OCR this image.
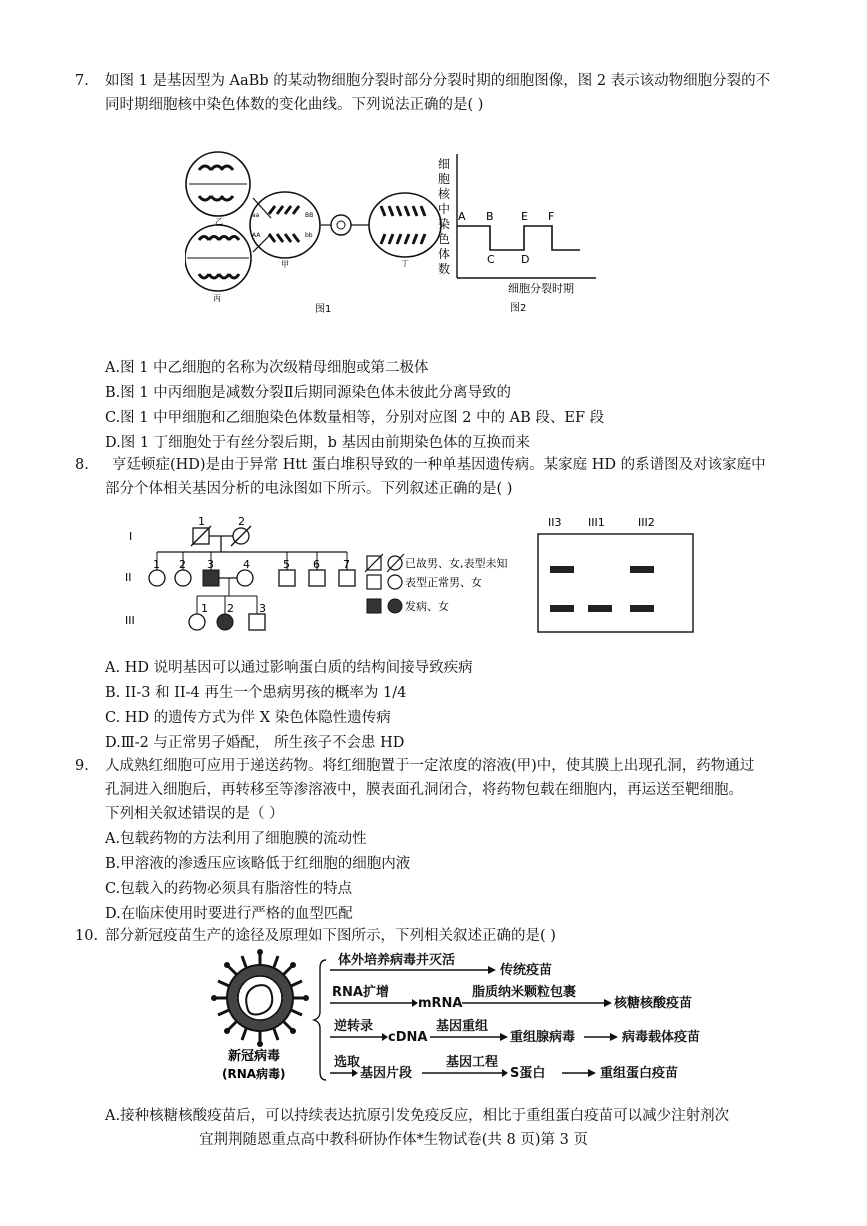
7. 如图 1 是基因型为 AaBb 的某动物细胞分裂时部分分裂时期的细胞图像，图 2 表示该动物细胞分裂的不
同时期细胞核中染色体数的变化曲线。下列说法正确的是( )
乙
丙
aa	BB
AA	bb
甲	丁
图1
细
胞
核
中
染
色
体
数
A B
C D
E F
细胞分裂时期
图2
A.图 1 中乙细胞的名称为次级精母细胞或第二极体
B.图 1 中丙细胞是减数分裂Ⅱ后期同源染色体未彼此分离导致的
C.图 1 中甲细胞和乙细胞染色体数量相等，分别对应图 2 中的 AB 段、EF 段
D.图 1 丁细胞处于有丝分裂后期，b 基因由前期染色体的互换而来
8. 亨廷顿症(HD)是由于异常 Htt 蛋白堆积导致的一种单基因遗传病。某家庭 HD 的系谱图及对该家庭中
部分个体相关基因分析的电泳图如下所示。下列叙述正确的是( )
I
II
III
1	2
1 2 3	4	5 6 7
1 2 3
已故男、女,表型未知
表型正常男、女
发病、女
II3 III1	III2
A. HD 说明基因可以通过影响蛋白质的结构间接导致疾病
B. II-3 和 II-4 再生一个患病男孩的概率为 1/4
C. HD 的遗传方式为伴 X 染色体隐性遗传病
D.Ⅲ-2 与正常男子婚配， 所生孩子不会患 HD
9. 人成熟红细胞可应用于递送药物。将红细胞置于一定浓度的溶液(甲)中，使其膜上出现孔洞，药物通过
孔洞进入细胞后，再转移至等渗溶液中，膜表面孔洞闭合，将药物包载在细胞内，再运送至靶细胞。
下列相关叙述错误的是（ ）
A.包载药物的方法利用了细胞膜的流动性
B.甲溶液的渗透压应该略低于红细胞的细胞内液
C.包载入的药物必须具有脂溶性的特点
D.在临床使用时要进行严格的血型匹配
10. 部分新冠疫苗生产的途径及原理如下图所示，下列相关叙述正确的是( )
新冠病毒
(RNA病毒)
体外培养病毒并灭活
传统疫苗
RNA扩增
mRNA
脂质纳米颗粒包裹
核糖核酸疫苗
逆转录
cDNA
基因重组
重组腺病毒	病毒载体疫苗
选取
基因片段
基因工程
S蛋白	重组蛋白疫苗
A.接种核糖核酸疫苗后，可以持续表达抗原引发免疫反应，相比于重组蛋白疫苗可以减少注射剂次
宜荆荆随恩重点高中教科研协作体*生物试卷(共 8 页)第 3 页
